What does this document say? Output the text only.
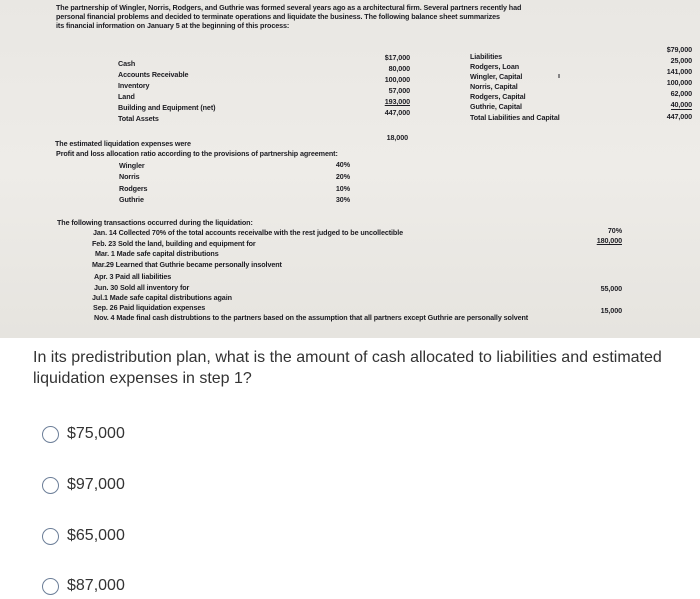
The partnership of Wingler, Norris, Rodgers, and Guthrie was formed several years ago as a architectural firm. Several partners recently had
personal financial problems and decided to terminate operations and liquidate the business. The following balance sheet summarizes
its financial information on January 5 at the beginning of this process:
Cash
Accounts Receivable
Inventory
Land
Building and Equipment (net)
Total Assets
$17,000
80,000
100,000
57,000
193,000
447,000
Liabilities
Rodgers, Loan
Wingler, Capital
Norris, Capital
Rodgers, Capital
Guthrie, Capital
Total Liabilities and Capital
ı
$79,000
25,000
141,000
100,000
62,000
40,000
447,000
The estimated liquidation expenses were
18,000
Profit and loss allocation ratio according to the provisions of partnership agreement:
Wingler
Norris
Rodgers
Guthrie
40%
20%
10%
30%
The following transactions occurred during the liquidation:
Jan. 14 Collected 70% of the total accounts receivalbe with the rest judged to be uncollectible
Feb. 23 Sold the land, building and equipment for
Mar. 1 Made safe capital distributions
Mar.29 Learned that Guthrie became personally insolvent
Apr. 3 Paid all liabilities
Jun. 30 Sold all inventory for
Jul.1 Made safe capital distributions again
Sep. 26 Paid liquidation expenses
Nov. 4 Made final cash distrubtions to the partners based on the assumption that all partners except Guthrie are personally solvent
70%
180,000
55,000
15,000
In its predistribution plan, what is the amount of cash allocated to liabilities and estimated liquidation expenses in step 1?
$75,000
$97,000
$65,000
$87,000
